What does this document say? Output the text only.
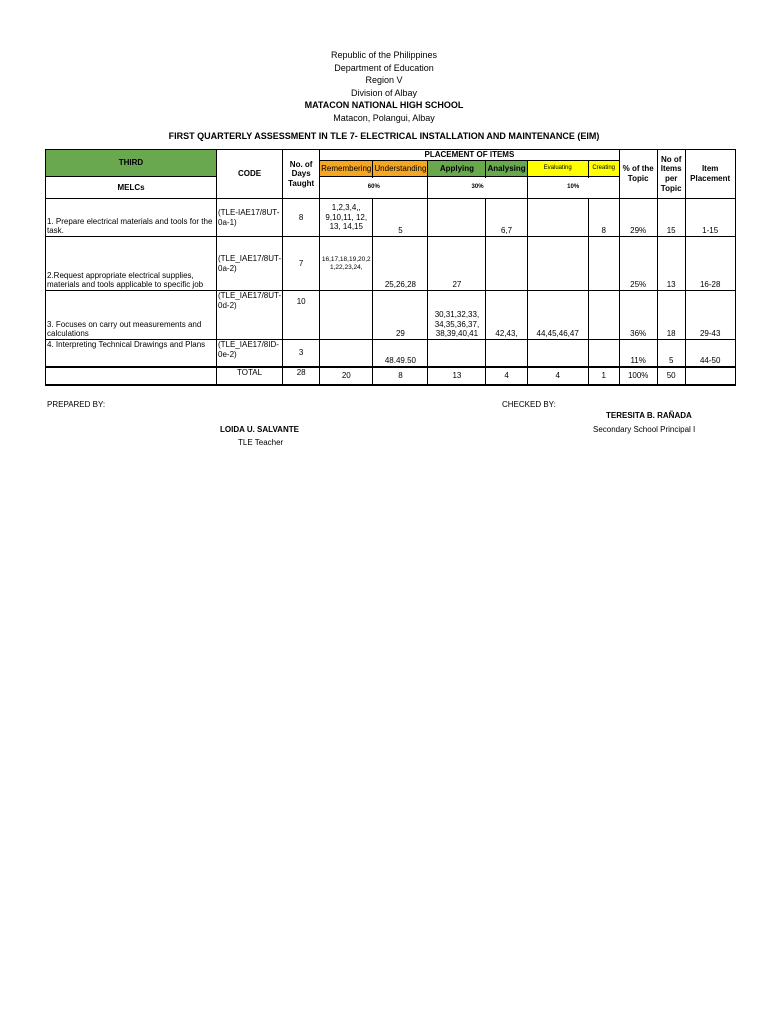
Republic of the Philippines
Department of Education
Region V
Division of Albay
MATACON NATIONAL HIGH SCHOOL
Matacon, Polangui, Albay
FIRST QUARTERLY ASSESSMENT IN TLE 7- ELECTRICAL INSTALLATION AND MAINTENANCE (EIM)
THIRD	CODE	No. of Days Taught	PLACEMENT OF ITEMS						% of the Topic	No of Items per Topic	Item Placement
			Remembering	Understanding	Applying	Analysing	Evaluating	Creating			
MELCs											
			60%		30%		10%				
1. Prepare electrical materials and tools for the task.	(TLE-IAE17/8UT-0a-1)	8	1,2,3,4,, 9,10,11, 12, 13, 14,15	5		6,7		8	29%	15	1-15
2.Request appropriate electrical supplies, materials and tools applicable to specific job	(TLE_IAE17/8UT-0a-2)	7	16,17,18,19,20,21,22,23,24,	25,26,28	27				25%	13	16-28
3. Focuses on carry out measurements and calculations	(TLE_IAE17/8UT-0d-2)	10		29	30,31,32,33, 34,35,36,37, 38,39,40,41	42,43,	44,45,46,47		36%	18	29-43
4. Interpreting Technical Drawings and Plans	(TLE_IAE17/8ID-0e-2)	3		48.49.50					11%	5	44-50
	TOTAL	28	20	8	13	4	4	1	100%	50	
PREPARED BY:	CHECKED BY:
TERESITA B. RAÑADA
LOIDA U. SALVANTE	Secondary School Principal I
TLE Teacher
